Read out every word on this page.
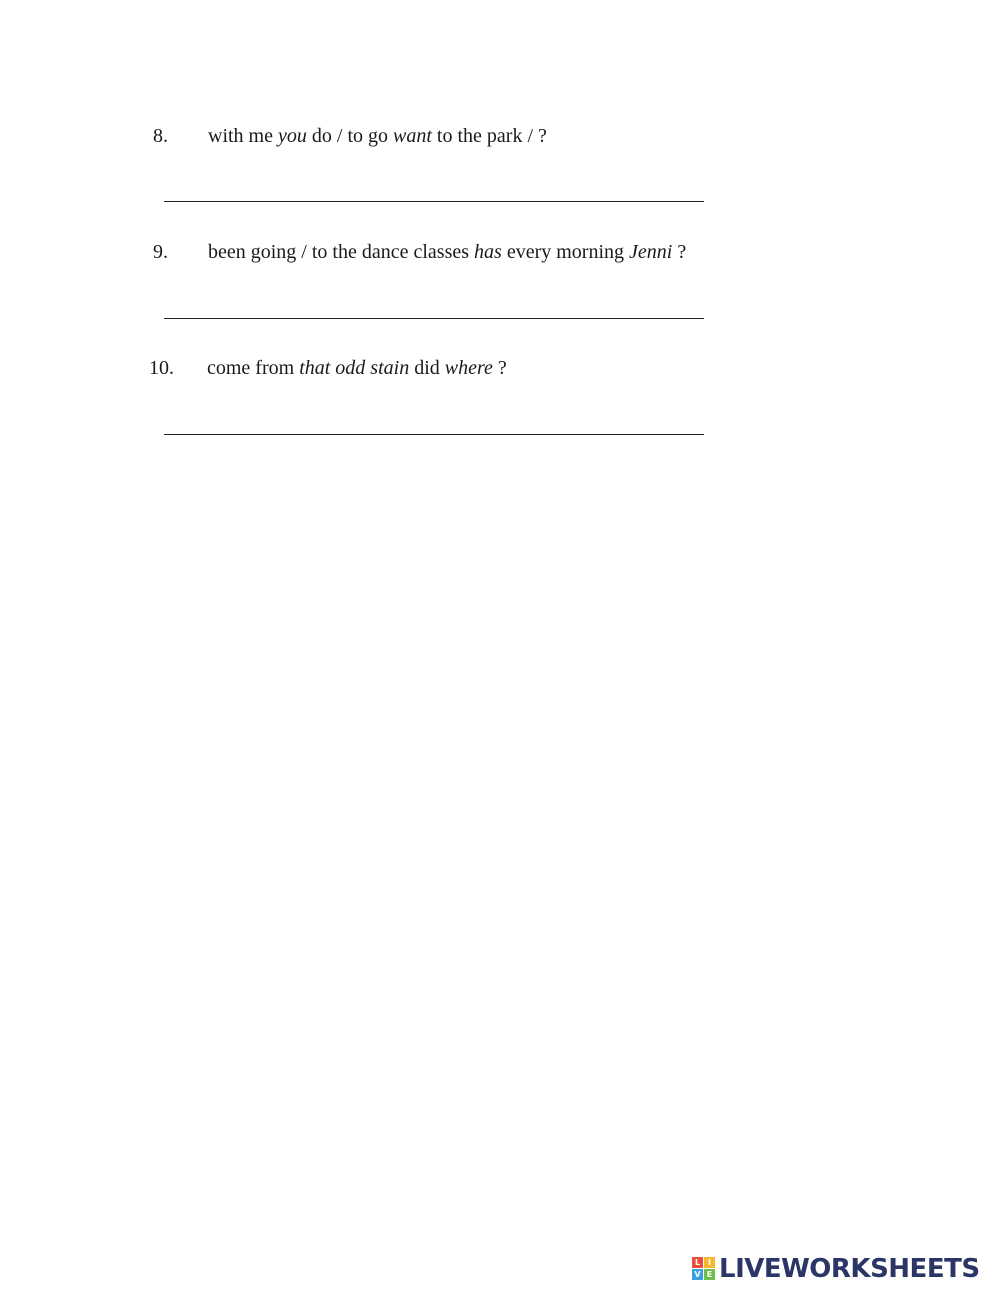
8. with me you do / to go want to the park / ?
9. been going / to the dance classes has every morning Jenni ?
10. come from that odd stain did where ?
L I
V E LIVEWORKSHEETS
